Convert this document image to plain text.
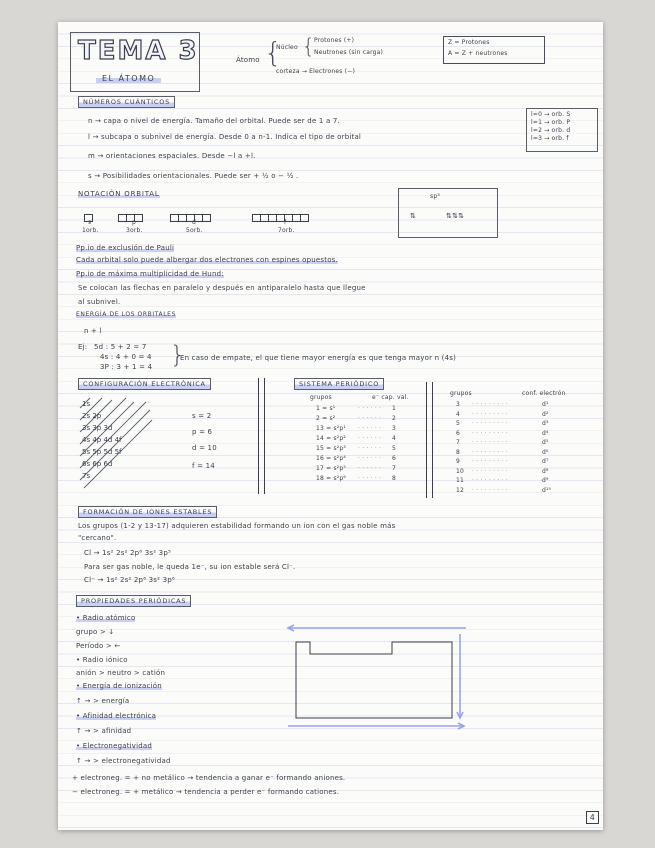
TEMA 3
EL ÁTOMO
Átomo {
Núcleo { Protones (+)
Neutrones (sin carga)
corteza → Electrones (−)
Z = Protones
A = Z + neutrones
NÚMEROS CUÁNTICOS
n → capa o nivel de energía. Tamaño del orbital. Puede ser de 1 a 7.
l → subcapa o subnivel de energía. Desde 0 a n-1. Indica el tipo de orbital
l=0 → orb. S
l=1 → orb. P
l=2 → orb. d
l=3 → orb. f
m → orientaciones espaciales. Desde −l a +l.
s → Posibilidades orientacionales. Puede ser + ½ o − ½ .
NOTACIÓN ORBITAL
s	p	d	f
1orb.	3orb.	5orb.	7orb.
sp³
⇅	⇅⇅⇅
Pp.io de exclusión de Pauli
Cada orbital solo puede albergar dos electrones con espines opuestos.
Pp.io de máxima multiplicidad de Hund:
Se colocan las flechas en paralelo y después en antiparalelo hasta que llegue
al subnivel.
ENERGÍA DE LOS ORBITALES
n + l
Ej: 5d : 5 + 2 = 7
4s : 4 + 0 = 4
3P : 3 + 1 = 4 }
En caso de empate, el que tiene mayor energía es que tenga mayor n (4s)
CONFIGURACIÓN ELECTRÓNICA
1s
2s 2p
3s 3p 3d
4s 4p 4d 4f
5s 5p 5d 5f
6s 6p 6d
7s
s = 2
p = 6
d = 10
f = 14
SISTEMA PERIÓDICO
grupos	e⁻ cap. val.
1 = s¹	· · · · · · 1
2 = s²	· · · · · · 2
13 = s²p¹ · · · · · · 3
14 = s²p² · · · · · · 4
15 = s²p³ · · · · · · 5
16 = s²p⁴ · · · · · · 6
17 = s²p⁵ · · · · · · 7
18 = s²p⁶ · · · · · · 8
grupos	conf. electrón
3 · · · · · · · · ·	d¹
4 · · · · · · · · ·	d²
5 · · · · · · · · ·	d³
6 · · · · · · · · ·	d⁴
7 · · · · · · · · ·	d⁵
8 · · · · · · · · ·	d⁶
9 · · · · · · · · ·	d⁷
10 · · · · · · · · ·	d⁸
11 · · · · · · · · ·	d⁹
12 · · · · · · · · ·	d¹⁰
FORMACIÓN DE IONES ESTABLES
Los grupos (1-2 y 13-17) adquieren estabilidad formando un ion con el gas noble más
"cercano".
Cl → 1s² 2s² 2p⁶ 3s² 3p⁵
Para ser gas noble, le queda 1e⁻, su ion estable será Cl⁻.
Cl⁻ → 1s² 2s² 2p⁶ 3s² 3p⁶
PROPIEDADES PERIÓDICAS
• Radio atómico
grupo > ↓
Período > ←
• Radio iónico
anión > neutro > catión
• Energía de ionización
↑ → > energía
• Afinidad electrónica
↑ → > afinidad
• Electronegatividad
↑ → > electronegatividad
+ electroneg. = + no metálico → tendencia a ganar e⁻ formando aniones.
− electroneg. = + metálico → tendencia a perder e⁻ formando cationes.
4
